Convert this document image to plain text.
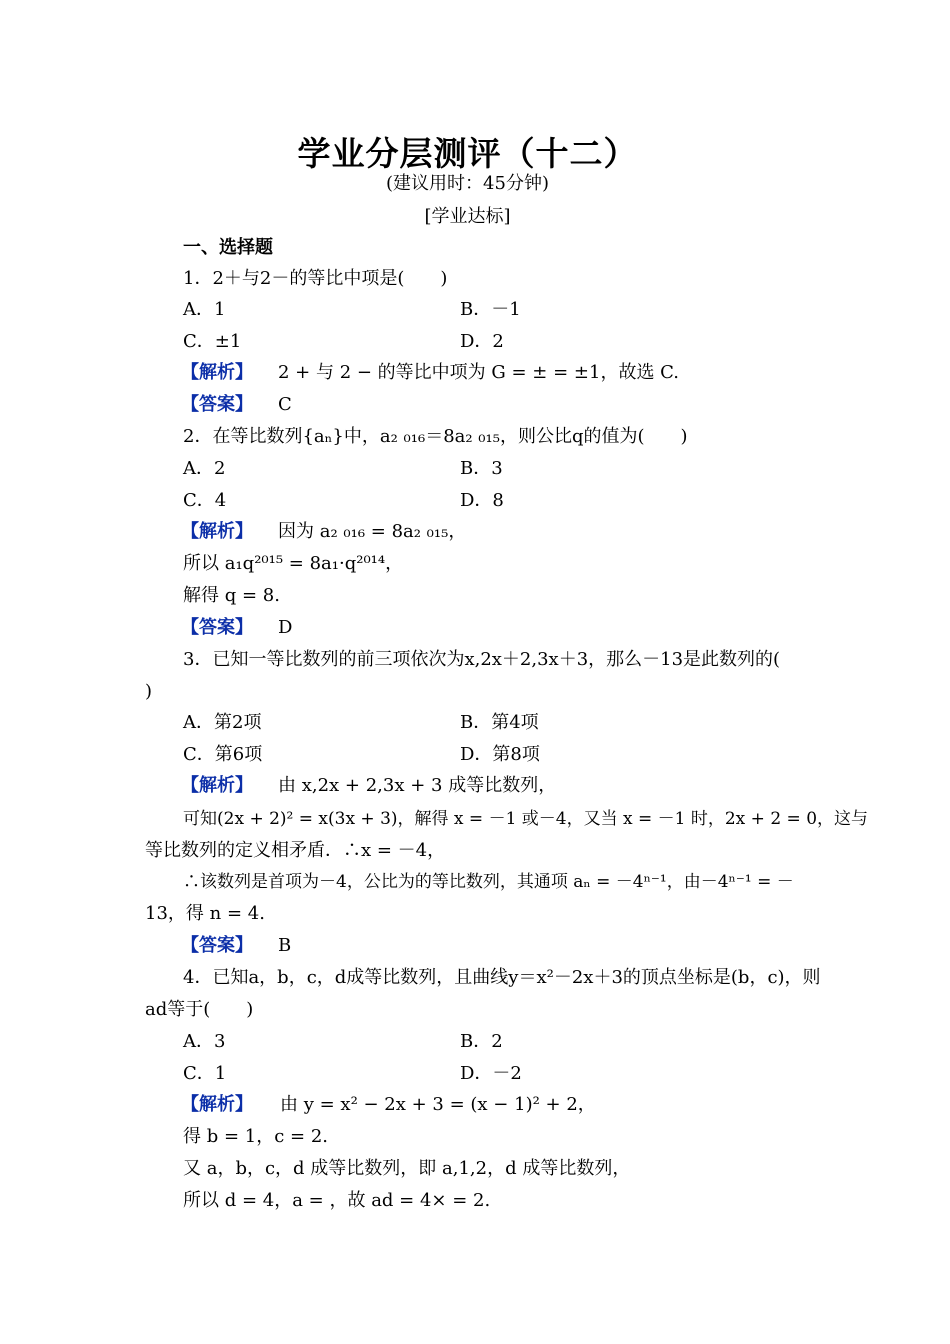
学业分层测评（十二）
(建议用时：45分钟)
[学业达标]
一、选择题
1．2＋与2－的等比中项是(　　)
A．1	B．－1
C．±1	D．2
【解析】 2 + 与 2 − 的等比中项为 G = ± = ±1，故选 C.
【答案】 C
2．在等比数列{aₙ}中，a₂ ₀₁₆＝8a₂ ₀₁₅，则公比q的值为(　　)
A．2	B．3
C．4	D．8
【解析】 因为 a₂ ₀₁₆ = 8a₂ ₀₁₅，
所以 a₁q²⁰¹⁵ = 8a₁·q²⁰¹⁴，
解得 q = 8.
【答案】 D
3．已知一等比数列的前三项依次为x,2x＋2,3x＋3，那么－13是此数列的(
)
A．第2项	B．第4项
C．第6项	D．第8项
【解析】 由 x,2x + 2,3x + 3 成等比数列，
可知(2x + 2)² = x(3x + 3)，解得 x = －1 或－4，又当 x = －1 时，2x + 2 = 0，这与
等比数列的定义相矛盾．∴x = －4，
∴该数列是首项为－4，公比为的等比数列，其通项 aₙ = －4ⁿ⁻¹，由－4ⁿ⁻¹ = －
13，得 n = 4.
【答案】 B
4．已知a，b，c，d成等比数列，且曲线y＝x²－2x＋3的顶点坐标是(b，c)，则
ad等于(　　)
A．3	B．2
C．1	D．－2
【解析】 由 y = x² − 2x + 3 = (x − 1)² + 2，
得 b = 1，c = 2.
又 a，b，c，d 成等比数列，即 a,1,2，d 成等比数列，
所以 d = 4，a = ，故 ad = 4× = 2.
